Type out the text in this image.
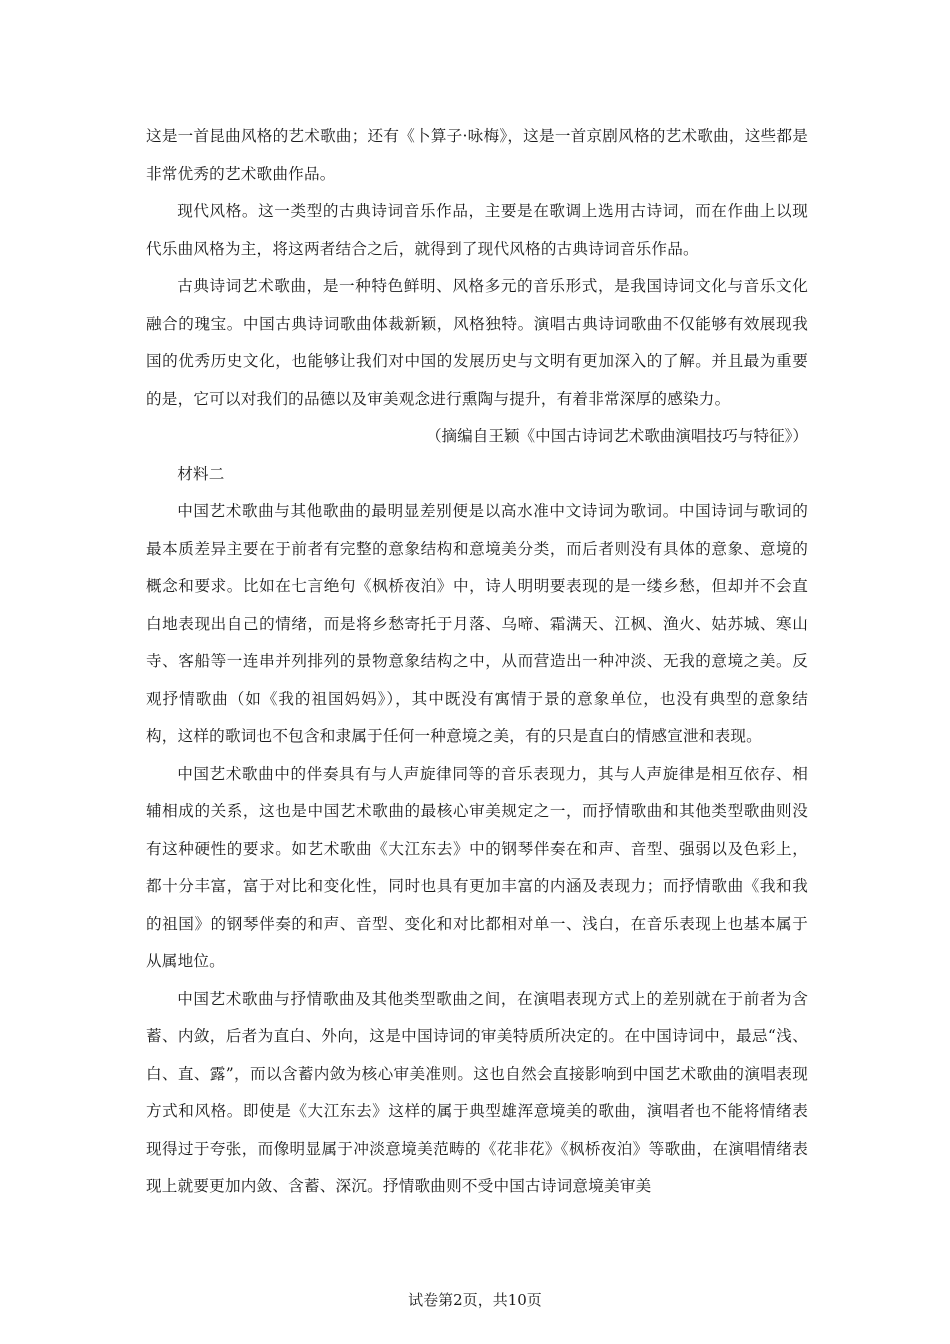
这是一首昆曲风格的艺术歌曲；还有《卜算子·咏梅》，这是一首京剧风格的艺术歌曲，这些都是非常优秀的艺术歌曲作品。

现代风格。这一类型的古典诗词音乐作品，主要是在歌调上选用古诗词，而在作曲上以现代乐曲风格为主，将这两者结合之后，就得到了现代风格的古典诗词音乐作品。

古典诗词艺术歌曲，是一种特色鲜明、风格多元的音乐形式，是我国诗词文化与音乐文化融合的瑰宝。中国古典诗词歌曲体裁新颖，风格独特。演唱古典诗词歌曲不仅能够有效展现我国的优秀历史文化，也能够让我们对中国的发展历史与文明有更加深入的了解。并且最为重要的是，它可以对我们的品德以及审美观念进行熏陶与提升，有着非常深厚的感染力。

（摘编自王颖《中国古诗词艺术歌曲演唱技巧与特征》）

材料二

中国艺术歌曲与其他歌曲的最明显差别便是以高水准中文诗词为歌词。中国诗词与歌词的最本质差异主要在于前者有完整的意象结构和意境美分类，而后者则没有具体的意象、意境的概念和要求。比如在七言绝句《枫桥夜泊》中，诗人明明要表现的是一缕乡愁，但却并不会直白地表现出自己的情绪，而是将乡愁寄托于月落、乌啼、霜满天、江枫、渔火、姑苏城、寒山寺、客船等一连串并列排列的景物意象结构之中，从而营造出一种冲淡、无我的意境之美。反观抒情歌曲（如《我的祖国妈妈》），其中既没有寓情于景的意象单位，也没有典型的意象结构，这样的歌词也不包含和隶属于任何一种意境之美，有的只是直白的情感宣泄和表现。

中国艺术歌曲中的伴奏具有与人声旋律同等的音乐表现力，其与人声旋律是相互依存、相辅相成的关系，这也是中国艺术歌曲的最核心审美规定之一，而抒情歌曲和其他类型歌曲则没有这种硬性的要求。如艺术歌曲《大江东去》中的钢琴伴奏在和声、音型、强弱以及色彩上，都十分丰富，富于对比和变化性，同时也具有更加丰富的内涵及表现力；而抒情歌曲《我和我的祖国》的钢琴伴奏的和声、音型、变化和对比都相对单一、浅白，在音乐表现上也基本属于从属地位。

中国艺术歌曲与抒情歌曲及其他类型歌曲之间，在演唱表现方式上的差别就在于前者为含蓄、内敛，后者为直白、外向，这是中国诗词的审美特质所决定的。在中国诗词中，最忌“浅、白、直、露”，而以含蓄内敛为核心审美准则。这也自然会直接影响到中国艺术歌曲的演唱表现方式和风格。即使是《大江东去》这样的属于典型雄浑意境美的歌曲，演唱者也不能将情绪表现得过于夸张，而像明显属于冲淡意境美范畴的《花非花》《枫桥夜泊》等歌曲，在演唱情绪表现上就要更加内敛、含蓄、深沉。抒情歌曲则不受中国古诗词意境美审美

试卷第2页，共10页
